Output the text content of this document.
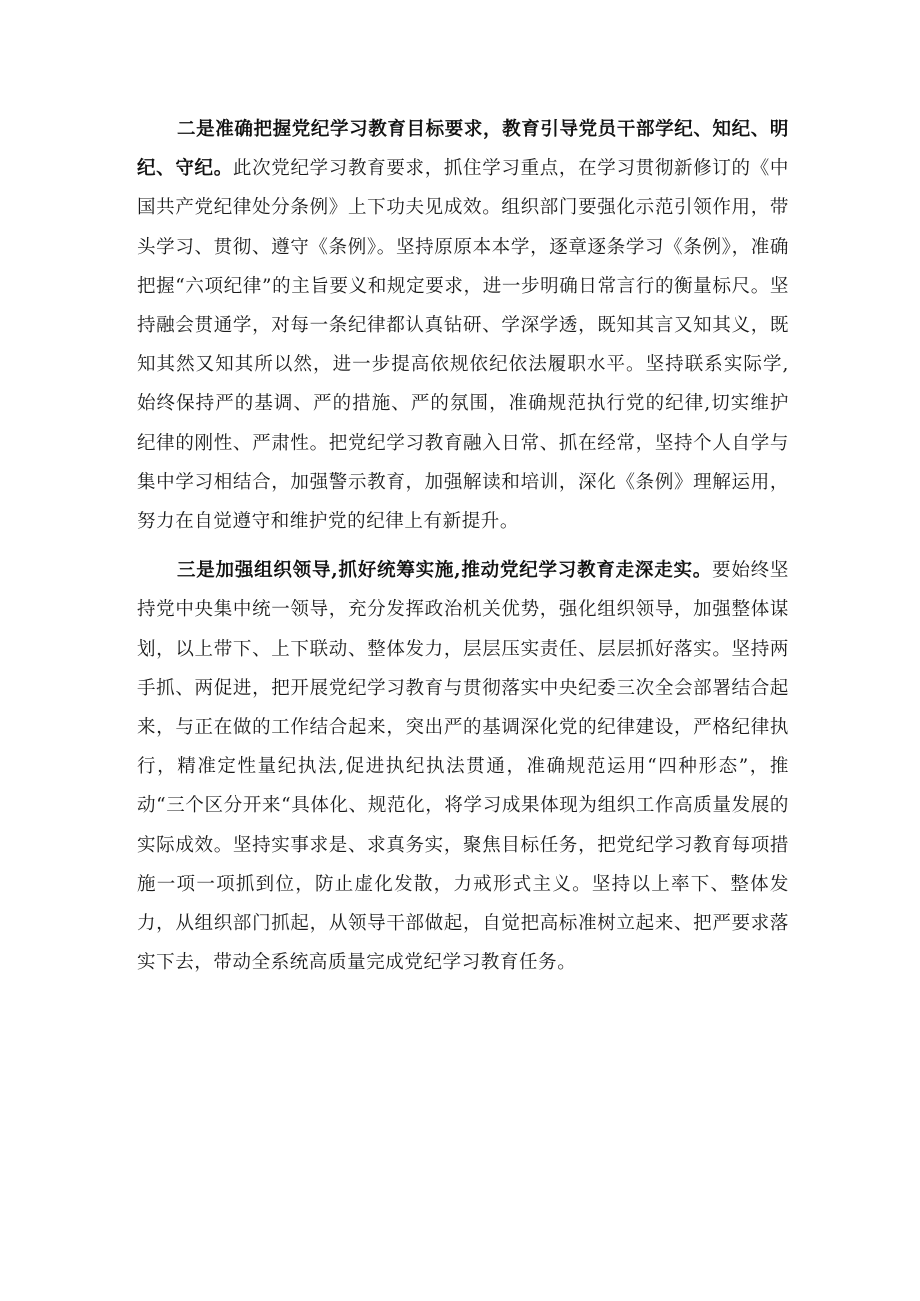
二是准确把握党纪学习教育目标要求，教育引导党员干部学纪、知纪、明纪、守纪。此次党纪学习教育要求，抓住学习重点，在学习贯彻新修订的《中国共产党纪律处分条例》上下功夫见成效。组织部门要强化示范引领作用，带头学习、贯彻、遵守《条例》。坚持原原本本学，逐章逐条学习《条例》，准确把握“六项纪律”的主旨要义和规定要求，进一步明确日常言行的衡量标尺。坚持融会贯通学，对每一条纪律都认真钻研、学深学透，既知其言又知其义，既知其然又知其所以然，进一步提高依规依纪依法履职水平。坚持联系实际学,始终保持严的基调、严的措施、严的氛围，准确规范执行党的纪律,切实维护纪律的刚性、严肃性。把党纪学习教育融入日常、抓在经常，坚持个人自学与集中学习相结合，加强警示教育，加强解读和培训，深化《条例》理解运用，努力在自觉遵守和维护党的纪律上有新提升。

三是加强组织领导,抓好统筹实施,推动党纪学习教育走深走实。要始终坚持党中央集中统一领导，充分发挥政治机关优势，强化组织领导，加强整体谋划，以上带下、上下联动、整体发力，层层压实责任、层层抓好落实。坚持两手抓、两促进，把开展党纪学习教育与贯彻落实中央纪委三次全会部署结合起来，与正在做的工作结合起来，突出严的基调深化党的纪律建设，严格纪律执行，精准定性量纪执法,促进执纪执法贯通，准确规范运用“四种形态”，推动“三个区分开来“具体化、规范化，将学习成果体现为组织工作高质量发展的实际成效。坚持实事求是、求真务实，聚焦目标任务，把党纪学习教育每项措施一项一项抓到位，防止虚化发散，力戒形式主义。坚持以上率下、整体发力，从组织部门抓起，从领导干部做起，自觉把高标准树立起来、把严要求落实下去，带动全系统高质量完成党纪学习教育任务。
